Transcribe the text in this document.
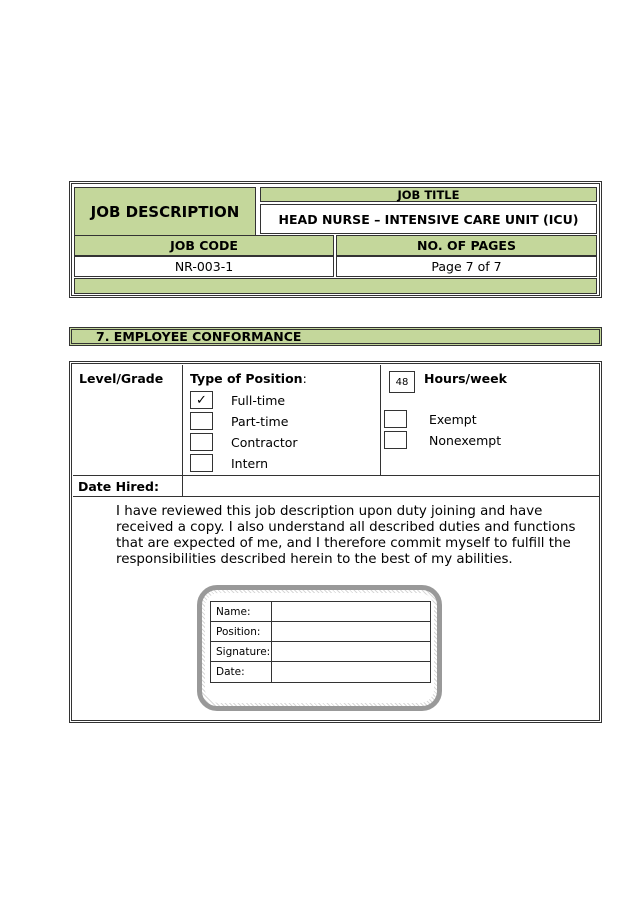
JOB DESCRIPTION
JOB TITLE
HEAD NURSE – INTENSIVE CARE UNIT (ICU)
JOB CODE	NO. OF PAGES
NR-003-1	Page 7 of 7
7. EMPLOYEE CONFORMANCE
Level/Grade Type of Position:
✓ Full-time
Part-time
Contractor
Intern
48 Hours/week
Exempt
Nonexempt
Date Hired:
I have reviewed this job description upon duty joining and have received a copy. I also understand all described duties and functions that are expected of me, and I therefore commit myself to fulfill the responsibilities described herein to the best of my abilities.
Name:
Position:
Signature:
Date:
